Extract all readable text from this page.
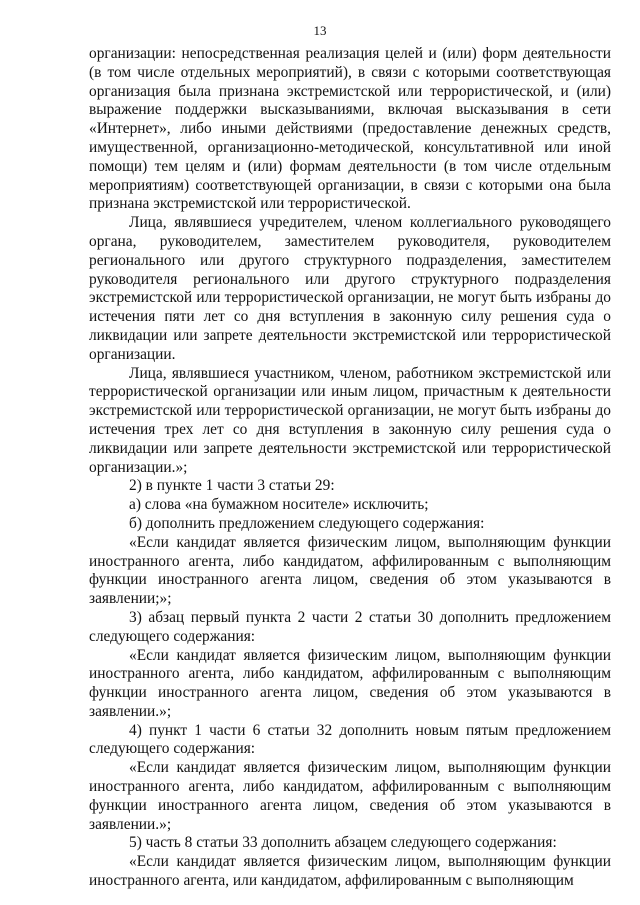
13

организации: непосредственная реализация целей и (или) форм деятельности (в том числе отдельных мероприятий), в связи с которыми соответствующая организация была признана экстремистской или террористической, и (или) выражение поддержки высказываниями, включая высказывания в сети «Интернет», либо иными действиями (предоставление денежных средств, имущественной, организационно-методической, консультативной или иной помощи) тем целям и (или) формам деятельности (в том числе отдельным мероприятиям) соответствующей организации, в связи с которыми она была признана экстремистской или террористической.

Лица, являвшиеся учредителем, членом коллегиального руководящего органа, руководителем, заместителем руководителя, руководителем регионального или другого структурного подразделения, заместителем руководителя регионального или другого структурного подразделения экстремистской или террористической организации, не могут быть избраны до истечения пяти лет со дня вступления в законную силу решения суда о ликвидации или запрете деятельности экстремистской или террористической организации.

Лица, являвшиеся участником, членом, работником экстремистской или террористической организации или иным лицом, причастным к деятельности экстремистской или террористической организации, не могут быть избраны до истечения трех лет со дня вступления в законную силу решения суда о ликвидации или запрете деятельности экстремистской или террористической организации.»;

2) в пункте 1 части 3 статьи 29:

а) слова «на бумажном носителе» исключить;

б) дополнить предложением следующего содержания:

«Если кандидат является физическим лицом, выполняющим функции иностранного агента, либо кандидатом, аффилированным с выполняющим функции иностранного агента лицом, сведения об этом указываются в заявлении;»;

3) абзац первый пункта 2 части 2 статьи 30 дополнить предложением следующего содержания:

«Если кандидат является физическим лицом, выполняющим функции иностранного агента, либо кандидатом, аффилированным с выполняющим функции иностранного агента лицом, сведения об этом указываются в заявлении.»;

4) пункт 1 части 6 статьи 32 дополнить новым пятым предложением следующего содержания:

«Если кандидат является физическим лицом, выполняющим функции иностранного агента, либо кандидатом, аффилированным с выполняющим функции иностранного агента лицом, сведения об этом указываются в заявлении.»;

5) часть 8 статьи 33 дополнить абзацем следующего содержания:

«Если кандидат является физическим лицом, выполняющим функции иностранного агента, или кандидатом, аффилированным с выполняющим
